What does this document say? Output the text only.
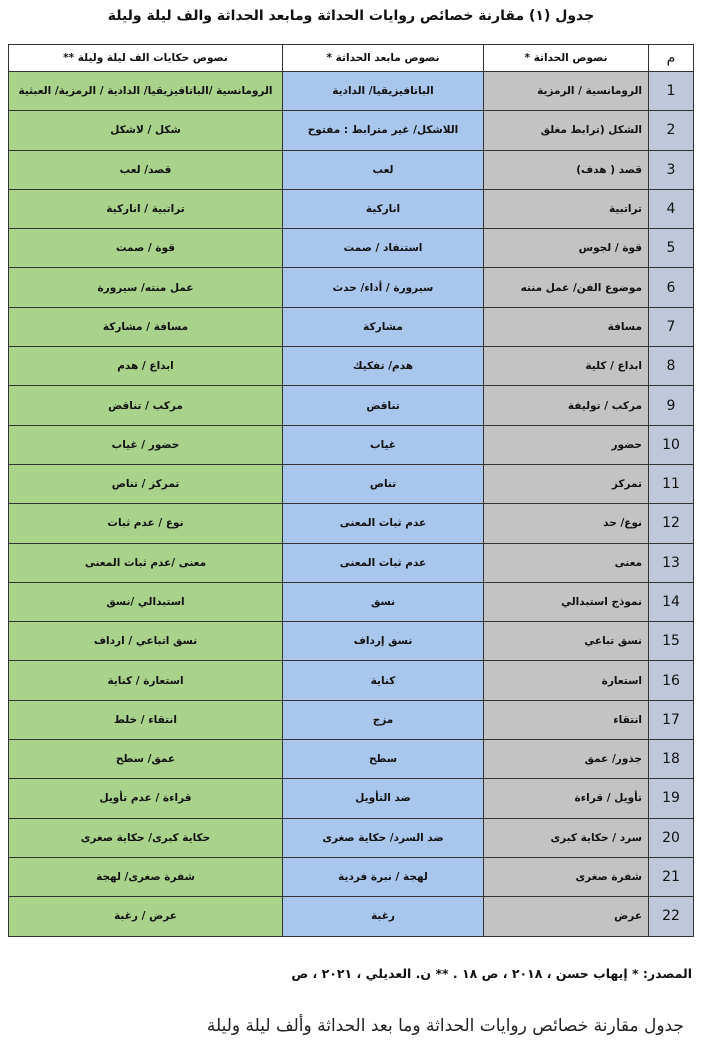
جدول (١) مقارنة خصائص روايات الحداثة ومابعد الحداثة والف ليلة وليلة
م	نصوص الحداثة *	نصوص مابعد الحداثة *	نصوص حكايات الف ليلة وليلة **
1	الرومانسية / الرمزية	الباتافيزيقيا/ الدادية	الرومانسية /الباتافيزيقيا/ الدادية / الرمزية/ العبثية
2	الشكل (ترابط مغلق	اللاشكل/ غير مترابط : مفتوح	شكل / لاشكل
3	قصد ( هدف)	لعب	قصد/ لعب
4	تراتبية	اناركية	تراتبية / اناركية
5	قوة / لجوس	استنفاد / صمت	قوة / صمت
6	موضوع الفن/ عمل منته	سيرورة / أداء/ حدث	عمل منته/ سيرورة
7	مسافة	مشاركة	مسافة / مشاركة
8	ابداع / كلية	هدم/ تفكيك	ابداع / هدم
9	مركب / توليفة	تناقض	مركب / تناقض
10	حضور	غياب	حضور / غياب
11	تمركز	تناص	تمركز / تناص
12	نوع/ حد	عدم ثبات المعنى	نوع / عدم ثبات
13	معنى	عدم ثبات المعنى	معنى /عدم ثبات المعنى
14	نموذج استبدالي	نسق	استبدالي /نسق
15	نسق تباعي	نسق إرداف	نسق اتباعي / ارداف
16	استعارة	كناية	استعارة / كناية
17	انتقاء	مزج	انتقاء / خلط
18	جذور/ عمق	سطح	عمق/ سطح
19	تأويل / قراءة	ضد التأويل	قراءة / عدم تأويل
20	سرد / حكاية كبرى	ضد السرد/ حكاية صغرى	حكاية كبرى/ حكاية صغرى
21	شفرة صغرى	لهجة / نبرة فردية	شفرة صغرى/ لهجة
22	عرض	رغبة	عرض / رغبة
المصدر: * إيهاب حسن ، ٢٠١٨ ، ص ١٨ . ** ن. العديلي ، ٢٠٢١ ، ص
جدول مقارنة خصائص روايات الحداثة وما بعد الحداثة وألف ليلة وليلة
